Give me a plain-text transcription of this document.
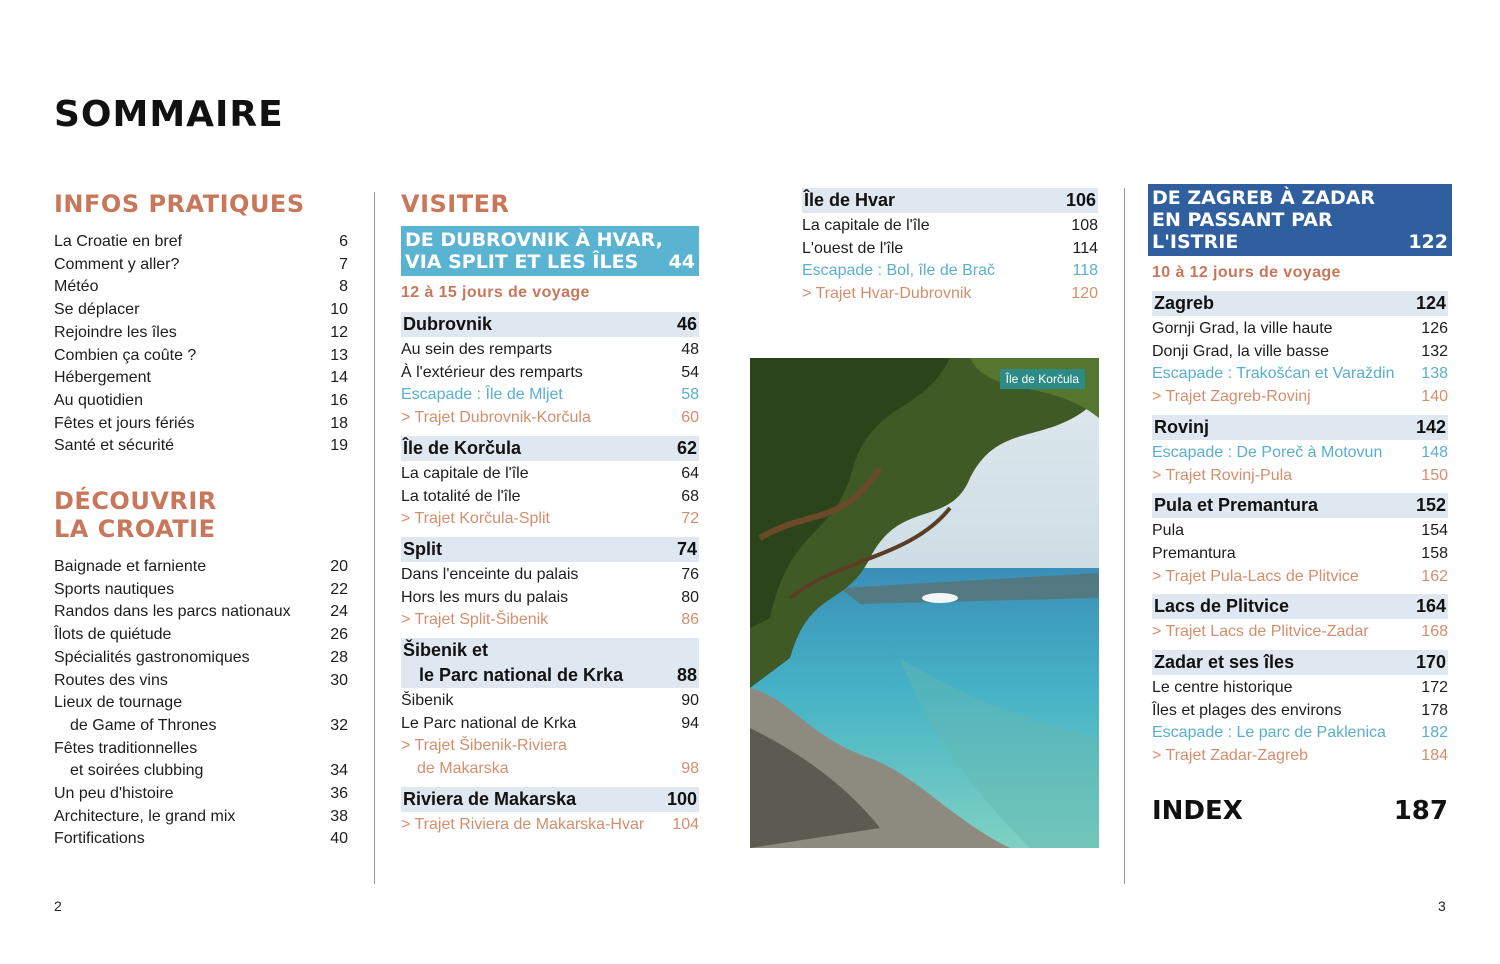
SOMMAIRE
INFOS PRATIQUES
La Croatie en bref	6
Comment y aller?	7
Météo	8
Se déplacer	10
Rejoindre les îles	12
Combien ça coûte ?	13
Hébergement	14
Au quotidien	16
Fêtes et jours fériés	18
Santé et sécurité	19
DÉCOUVRIR
LA CROATIE
Baignade et farniente	20
Sports nautiques	22
Randos dans les parcs nationaux	24
Îlots de quiétude	26
Spécialités gastronomiques	28
Routes des vins	30
Lieux de tournage
de Game of Thrones	32
Fêtes traditionnelles
et soirées clubbing	34
Un peu d'histoire	36
Architecture, le grand mix	38
Fortifications	40
VISITER
DE DUBROVNIK À HVAR,
VIA SPLIT ET LES ÎLES	44
12 à 15 jours de voyage
Dubrovnik	46
Au sein des remparts	48
À l'extérieur des remparts	54
Escapade : Île de Mljet	58
> Trajet Dubrovnik-Korčula	60
Île de Korčula	62
La capitale de l'île	64
La totalité de l'île	68
> Trajet Korčula-Split	72
Split	74
Dans l'enceinte du palais	76
Hors les murs du palais	80
> Trajet Split-Šibenik	86
Šibenik et
le Parc national de Krka	88
Šibenik	90
Le Parc national de Krka	94
> Trajet Šibenik-Riviera
de Makarska	98
Riviera de Makarska	100
> Trajet Riviera de Makarska-Hvar 104
Île de Hvar	106
La capitale de l'île	108
L'ouest de l'île	114
Escapade : Bol, île de Brač	118
> Trajet Hvar-Dubrovnik	120
Île de Korčula
DE ZAGREB À ZADAR
EN PASSANT PAR L'ISTRIE	122
10 à 12 jours de voyage
Zagreb	124
Gornji Grad, la ville haute	126
Donji Grad, la ville basse	132
Escapade : Trakošćan et Varaždin 138
> Trajet Zagreb-Rovinj	140
Rovinj	142
Escapade : De Poreč à Motovun 148
> Trajet Rovinj-Pula	150
Pula et Premantura	152
Pula	154
Premantura	158
> Trajet Pula-Lacs de Plitvice	162
Lacs de Plitvice	164
> Trajet Lacs de Plitvice-Zadar	168
Zadar et ses îles	170
Le centre historique	172
Îles et plages des environs	178
Escapade : Le parc de Paklenica 182
> Trajet Zadar-Zagreb	184
INDEX	187
2	3
